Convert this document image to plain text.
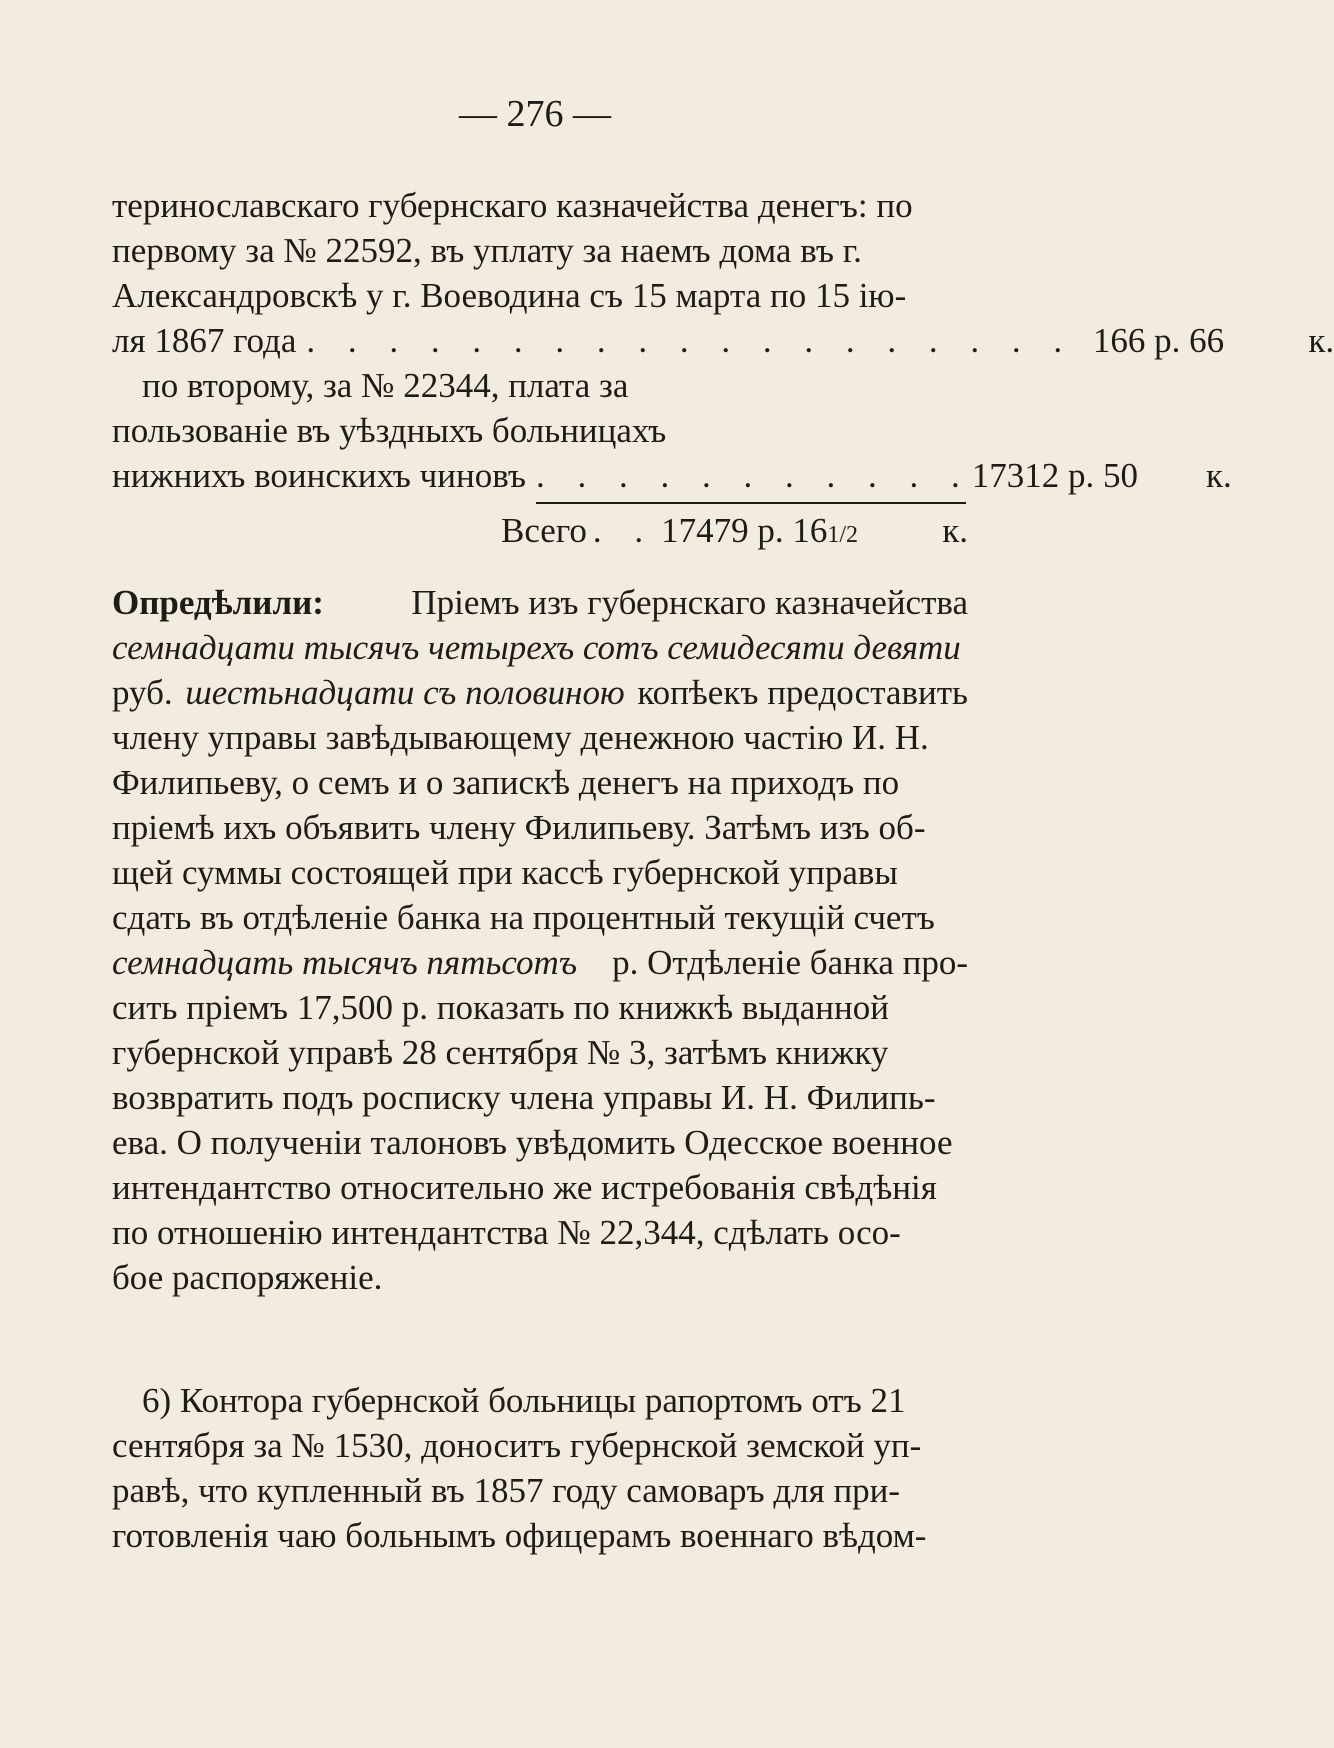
— 276 —
теринославскаго губернскаго казначейства денегъ: по
первому за № 22592, въ уплату за наемъ дома въ г.
Александровскѣ у г. Воеводина съ 15 марта по 15 ію-
ля 1867 года . . . . . . . . . . . . . . . . . . . 166 р. 66	к.
по второму, за № 22344, плата за
пользованіе въ уѣздныхъ больницахъ
нижнихъ воинскихъ чиновъ . . . . . . . . . . . 17312 р. 50	к.
Всего . . 17479 р. 16 1/2	к.
Опредѣлили: Пріемъ изъ губернскаго казначейства
семнадцати тысячъ четырехъ сотъ семидесяти девяти
руб. шестьнадцати съ половиною копѣекъ предоставить
члену управы завѣдывающему денежною частію И. Н.
Филипьеву, о семъ и о запискѣ денегъ на приходъ по
пріемѣ ихъ объявить члену Филипьеву. Затѣмъ изъ об-
щей суммы состоящей при кассѣ губернской управы
сдать въ отдѣленіе банка на процентный текущій счетъ
семнадцать тысячъ пятьсотъ р. Отдѣленіе банка про-
сить пріемъ 17,500 р. показать по книжкѣ выданной
губернской управѣ 28 сентября № 3, затѣмъ книжку
возвратить подъ росписку члена управы И. Н. Филипь-
ева. О полученіи талоновъ увѣдомить Одесское военное
интендантство относительно же истребованія свѣдѣнія
по отношенію интендантства № 22,344, сдѣлать осо-
бое распоряженіе.
6) Контора губернской больницы рапортомъ отъ 21
сентября за № 1530, доноситъ губернской земской уп-
равѣ, что купленный въ 1857 году самоваръ для при-
готовленія чаю больнымъ офицерамъ военнаго вѣдом-
